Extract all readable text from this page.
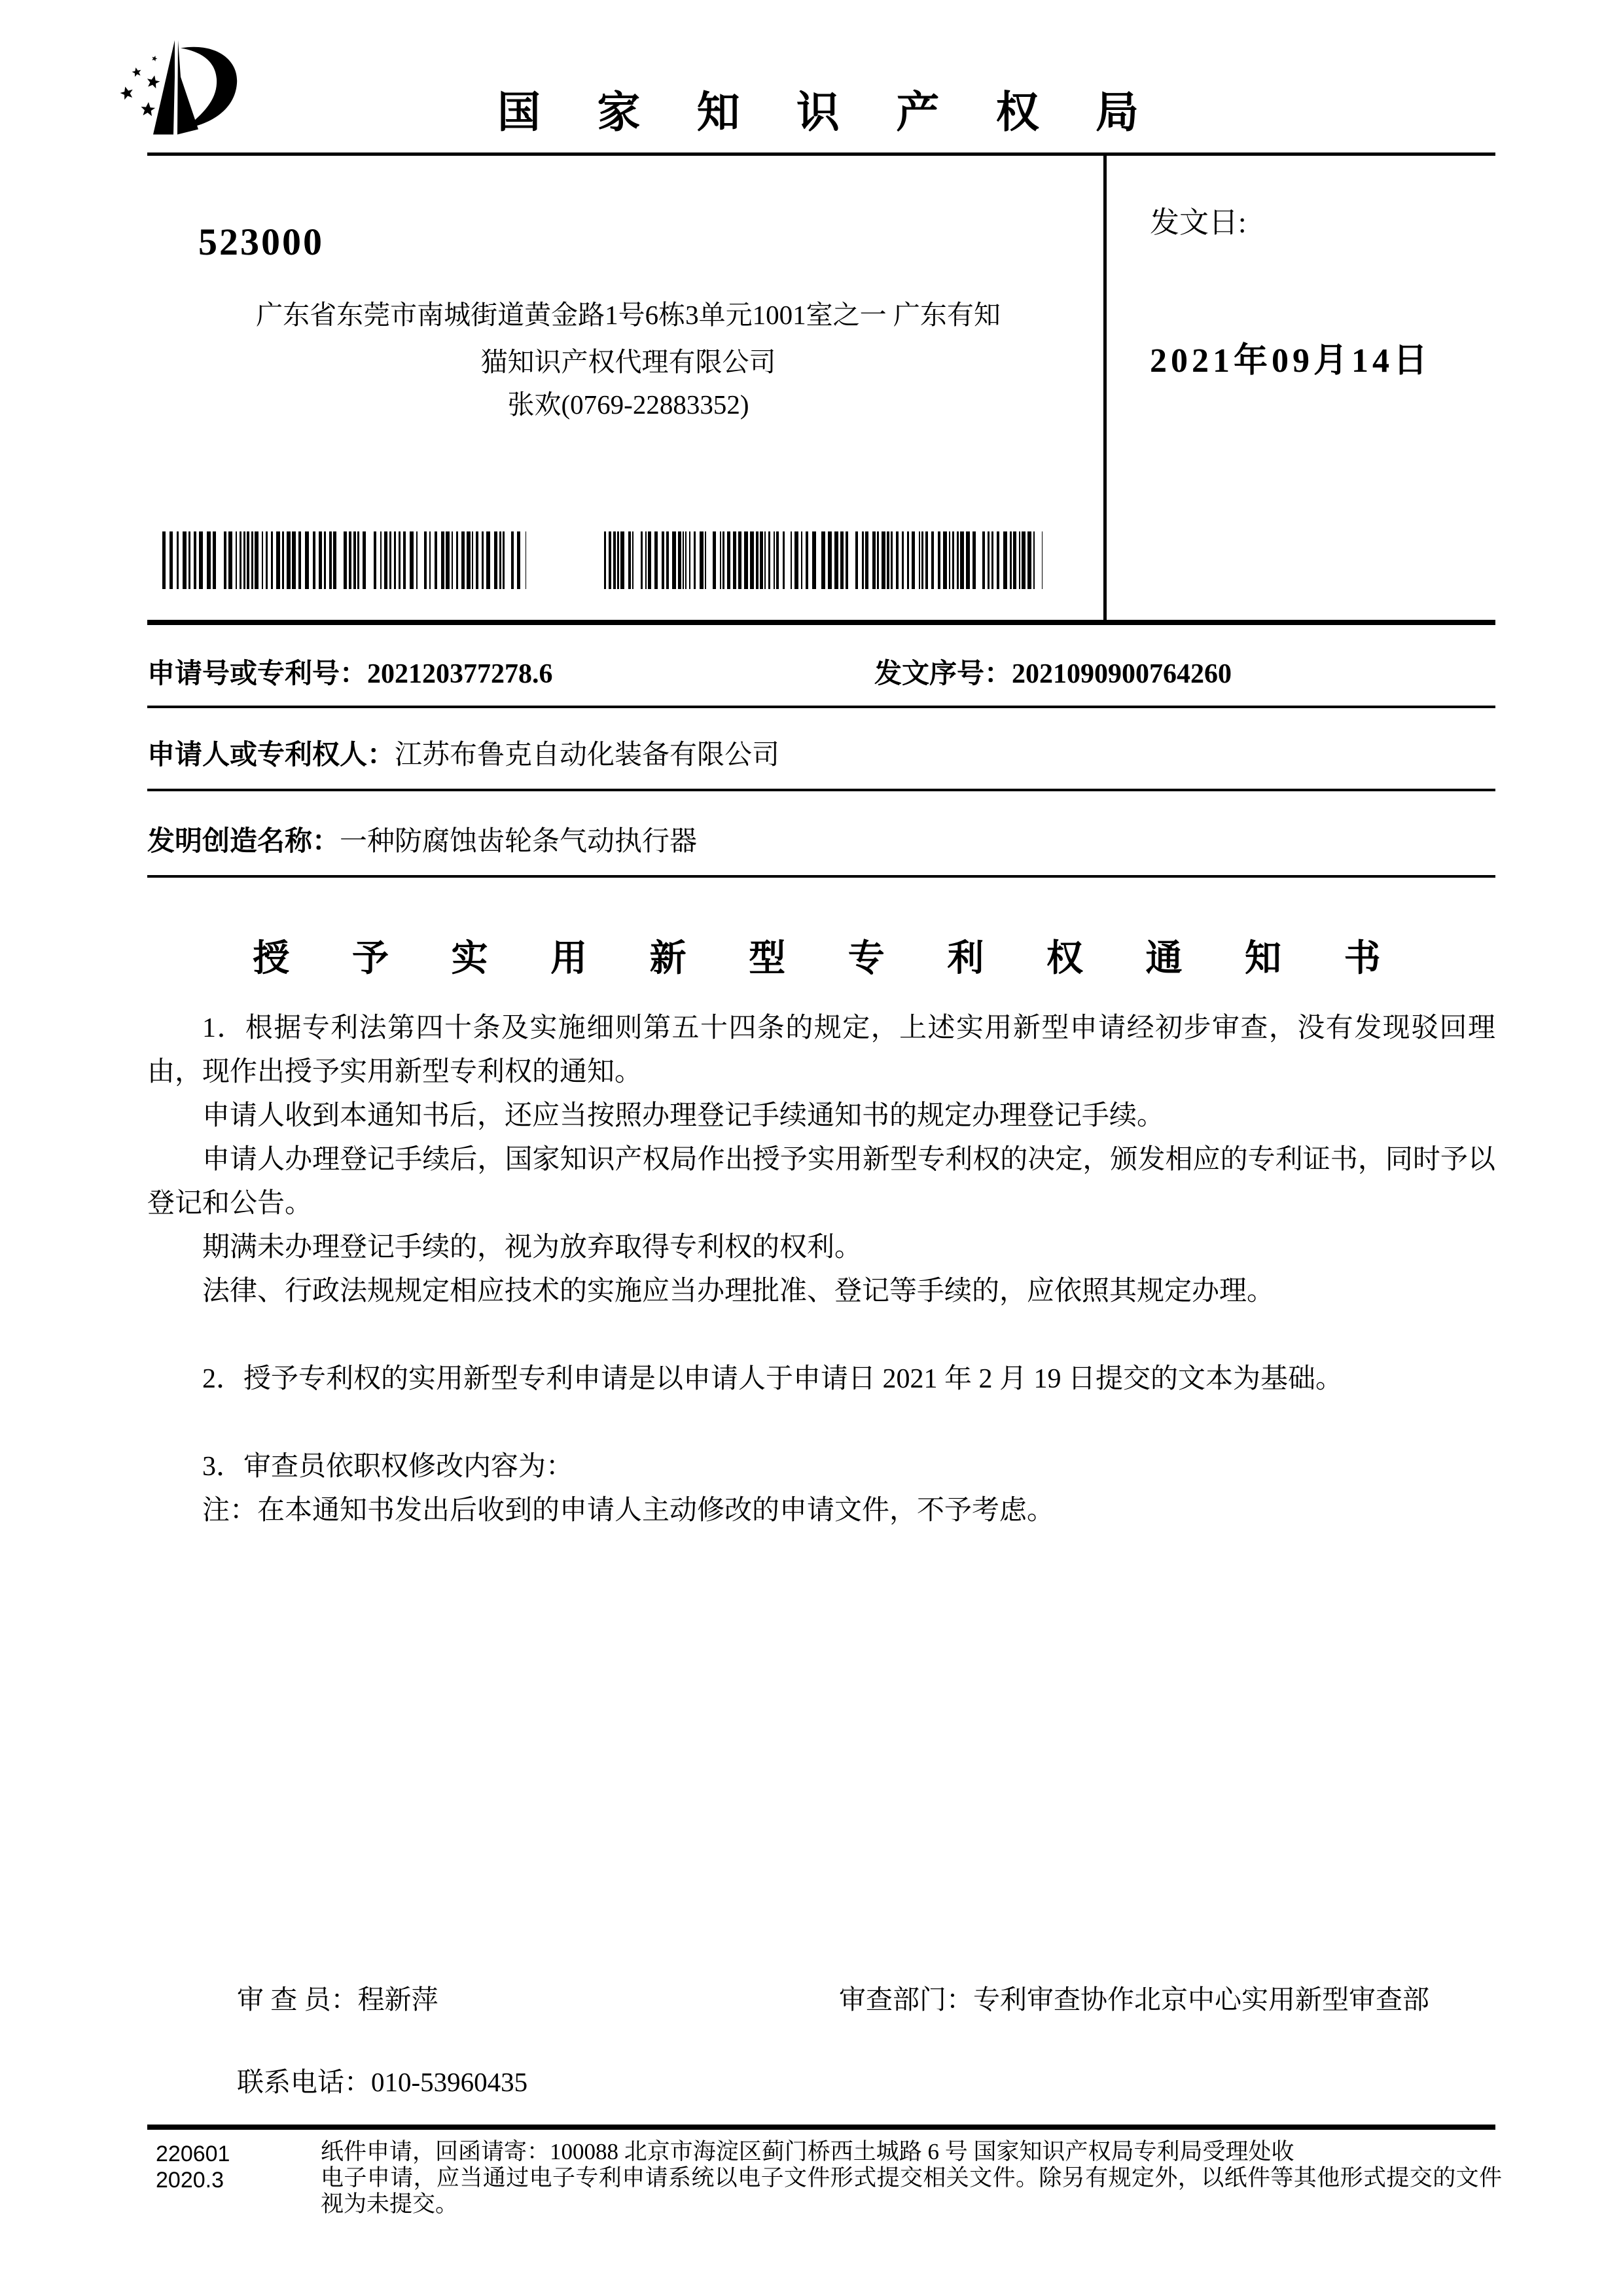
国 家 知 识 产 权 局
523000
广东省东莞市南城街道黄金路1号6栋3单元1001室之一 广东有知
猫知识产权代理有限公司
张欢(0769-22883352)
发文日:
2021年09月14日
申请号或专利号：202120377278.6	发文序号：2021090900764260
申请人或专利权人：江苏布鲁克自动化装备有限公司
发明创造名称：一种防腐蚀齿轮条气动执行器
授 予 实 用 新 型 专 利 权 通 知 书

1．根据专利法第四十条及实施细则第五十四条的规定，上述实用新型申请经初步审查，没有发现驳回理由，现作出授予实用新型专利权的通知。

申请人收到本通知书后，还应当按照办理登记手续通知书的规定办理登记手续。

申请人办理登记手续后，国家知识产权局作出授予实用新型专利权的决定，颁发相应的专利证书，同时予以登记和公告。

期满未办理登记手续的，视为放弃取得专利权的权利。

法律、行政法规规定相应技术的实施应当办理批准、登记等手续的，应依照其规定办理。

2．授予专利权的实用新型专利申请是以申请人于申请日 2021 年 2 月 19 日提交的文本为基础。

3．审查员依职权修改内容为：

注：在本通知书发出后收到的申请人主动修改的申请文件，不予考虑。

审 查 员：程新萍	审查部门：专利审查协作北京中心实用新型审查部
联系电话：010-53960435
220601
2020.3
纸件申请，回函请寄：100088 北京市海淀区蓟门桥西土城路 6 号 国家知识产权局专利局受理处收
电子申请，应当通过电子专利申请系统以电子文件形式提交相关文件。除另有规定外，以纸件等其他形式提交的文件视为未提交。
